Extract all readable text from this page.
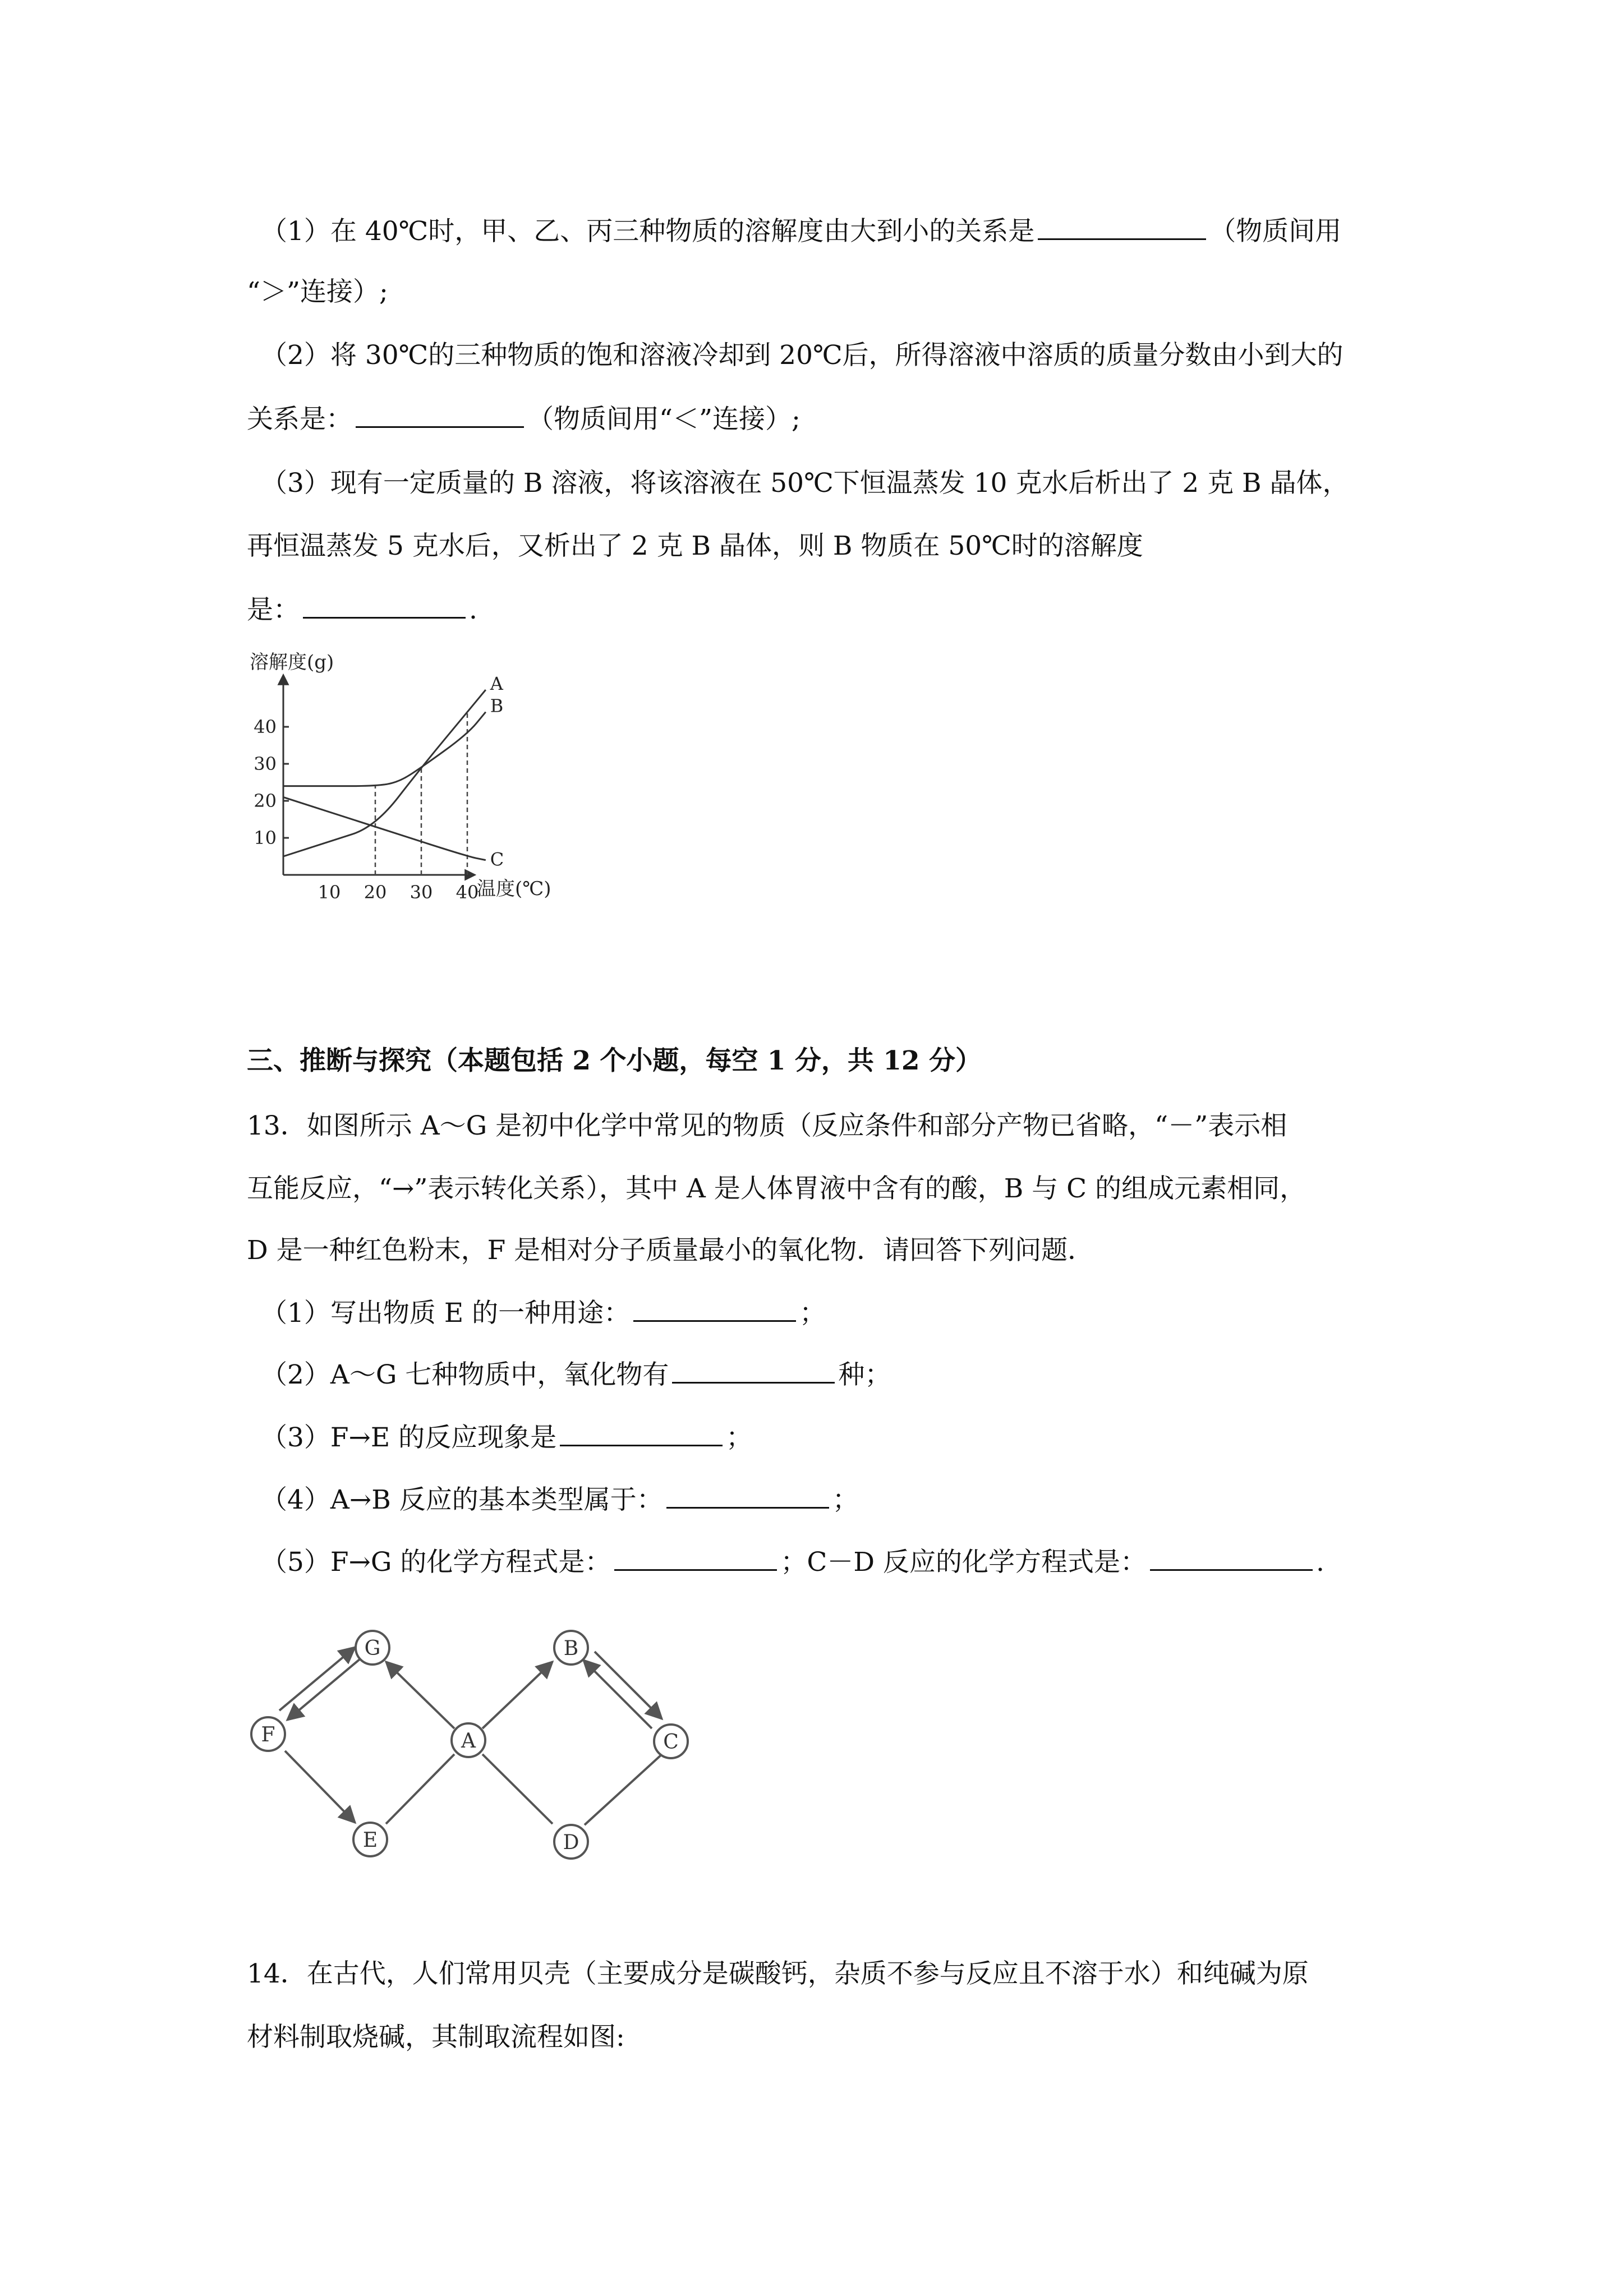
（1）在 40℃时，甲、乙、丙三种物质的溶解度由大到小的关系是	（物质间用
“＞”连接）;
（2）将 30℃的三种物质的饱和溶液冷却到 20℃后，所得溶液中溶质的质量分数由小到大的
关系是：	（物质间用“＜”连接）;
（3）现有一定质量的 B 溶液，将该溶液在 50℃下恒温蒸发 10 克水后析出了 2 克 B 晶体，
再恒温蒸发 5 克水后，又析出了 2 克 B 晶体，则 B 物质在 50℃时的溶解度
是：	.
溶解度(g)
温度(℃)
10
20
30
40
10 20 30 40
A
B
C
三、推断与探究（本题包括 2 个小题，每空 1 分，共 12 分）
13．如图所示 A～G 是初中化学中常见的物质（反应条件和部分产物已省略，“－”表示相
互能反应，“→”表示转化关系），其中 A 是人体胃液中含有的酸，B 与 C 的组成元素相同，
D 是一种红色粉末，F 是相对分子质量最小的氧化物．请回答下列问题．
（1）写出物质 E 的一种用途：	；
（2）A～G 七种物质中，氧化物有	种；
（3）F→E 的反应现象是	；
（4）A→B 反应的基本类型属于：	；
（5）F→G 的化学方程式是：	；C－D 反应的化学方程式是：	.
G	B
F	A	C
E	D
14．在古代，人们常用贝壳（主要成分是碳酸钙，杂质不参与反应且不溶于水）和纯碱为原
材料制取烧碱，其制取流程如图:
